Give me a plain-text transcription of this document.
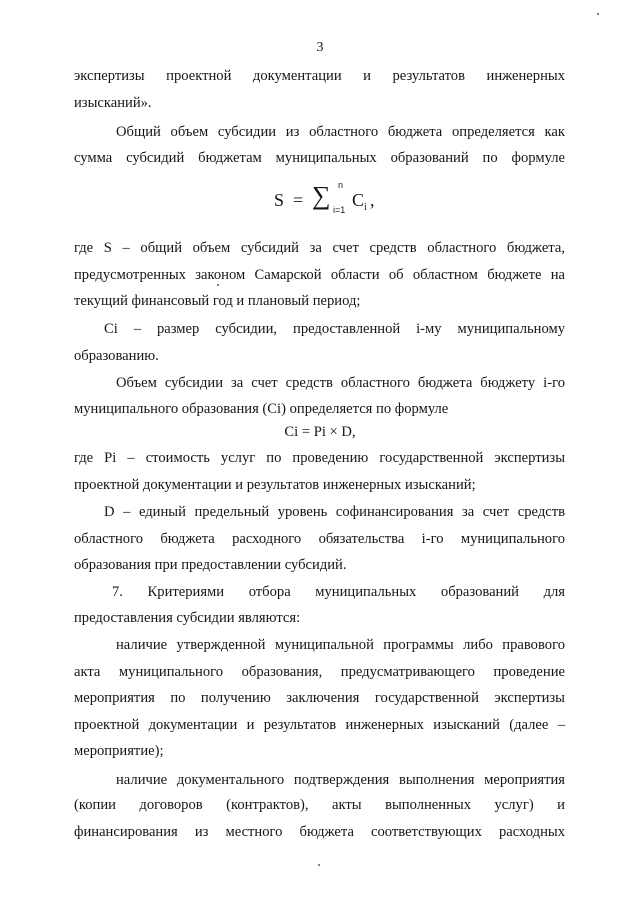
3
экспертизы проектной документации и результатов инженерных
изысканий».
Общий объем субсидии из областного бюджета определяется как
сумма субсидий бюджетам муниципальных образований по формуле
S = ∑ n
i=1 C i ,
где S – общий объем субсидий за счет средств областного бюджета,
предусмотренных законом Самарской области об областном бюджете на
текущий финансовый год и плановый период;
Ci – размер субсидии, предоставленной i-му муниципальному
образованию.
Объем субсидии за счет средств областного бюджета бюджету i-го
муниципального образования (Ci) определяется по формуле
Ci = Pi × D,
где Pi – стоимость услуг по проведению государственной экспертизы
проектной документации и результатов инженерных изысканий;
D – единый предельный уровень софинансирования за счет средств
областного бюджета расходного обязательства i-го муниципального
образования при предоставлении субсидий.
7. Критериями отбора муниципальных образований для
предоставления субсидии являются:
наличие утвержденной муниципальной программы либо правового
акта муниципального образования, предусматривающего проведение
мероприятия по получению заключения государственной экспертизы
проектной документации и результатов инженерных изысканий (далее –
мероприятие);
наличие документального подтверждения выполнения мероприятия
(копии договоров (контрактов), акты выполненных услуг) и
финансирования из местного бюджета соответствующих расходных
